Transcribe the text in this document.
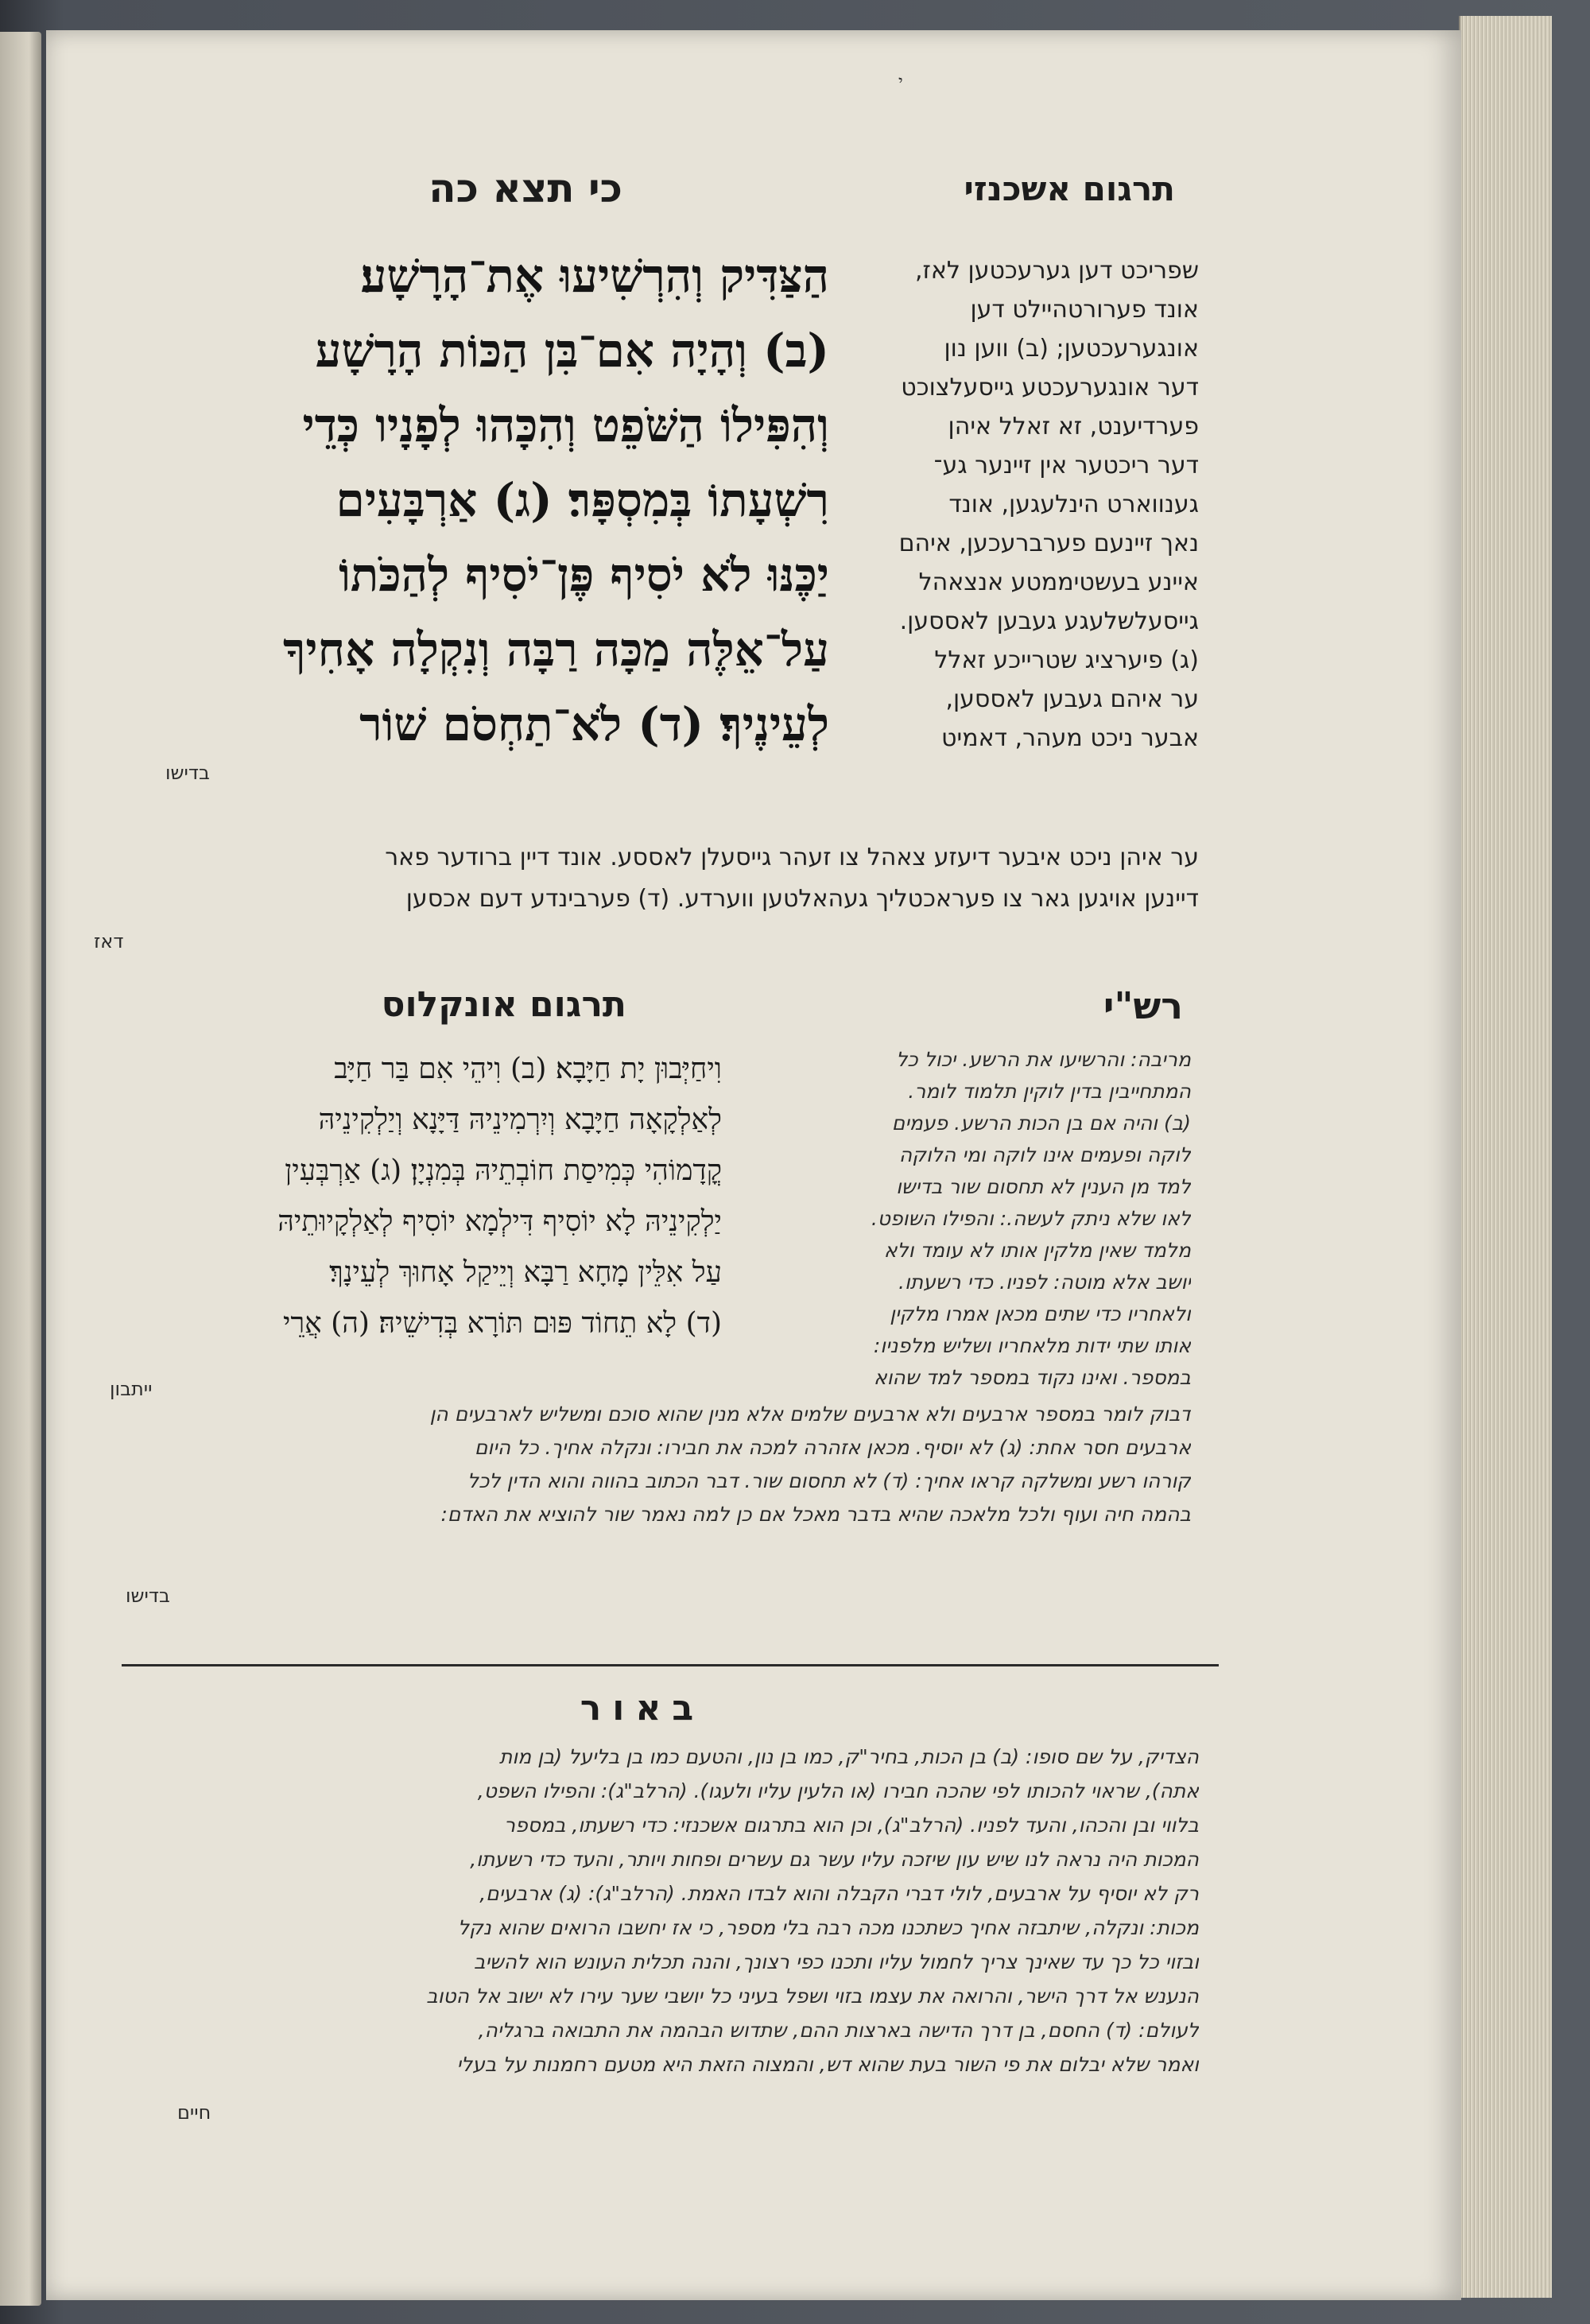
י
כי תצא כה	תרגום אשכנזי
הַצַּדִּיק וְהִרְשִׁיעוּ אֶת־הָרָשָׁע׃
(ב) וְהָיָה אִם־בִּן הַכּוֹת הָרָשָׁע
וְהִפִּילוֹ הַשֹּׁפֵט וְהִכָּהוּ לְפָנָיו כְּדֵי
רִשְׁעָתוֹ בְּמִסְפָּר׃ (ג) אַרְבָּעִים
יַכֶּנּוּ לֹא יֹסִיף פֶּן־יֹסִיף לְהַכֹּתוֹ
עַל־אֵלֶּה מַכָּה רַבָּה וְנִקְלָה אָחִיךָ
לְעֵינֶיךָ׃ (ד) לֹא־תַחְסֹם שׁוֹר
בדישו
שפריכט דען גערעכטען לאז,
אונד פערורטהיילט דען
אונגערעכטען; (ב) ווען נון
דער אונגערעכטע גייסעלצוכט
פערדיענט, זא זאלל איהן
דער ריכטער אין זיינער גע־
גענווארט הינלעגען, אונד
נאך זיינעם פערברעכען, איהם
איינע בעשטיממטע אנצאהל
גייסעלשלעגע געבען לאססען.
(ג) פיערציג שטרייכע זאלל
ער איהם געבען לאססען,
אבער ניכט מעהר, דאמיט
ער איהן ניכט איבער דיעזע צאהל צו זעהר גייסעלן לאססע. אונד דיין ברודער פאר
דיינען אויגען גאר צו פעראכטליך געהאלטען ווערדע. (ד) פערבינדע דעם אכסען
דאז
תרגום אונקלוס	רש"י
וִיחַיְּבוּן יָת חַיָּבָא׃ (ב) וִיהֵי אִם בַּר חַיָּב
לְאַלְקָאָה חַיָּבָא וְיִרְמִינֵיהּ דַּיָּנָא וְיַלְקִינֵיהּ
קֳדָמוֹהִי כְּמִיסַת חוֹבְתֵיהּ בְּמִנְיָן׃ (ג) אַרְבְּעִין
יַלְקִינֵיהּ לָא יוֹסִיף דִּילְמָא יוֹסִיף לְאַלְקָיוּתֵיהּ
עַל אִלֵּין מָחָא רַבָּא וְיֵיקַל אָחוּךְ לְעֵינָךְ׃
(ד) לָא תֵחוֹד פּוּם תּוֹרָא בְּדִישֵׁיהּ׃ (ה) אֲרֵי
ייתבון
מריבה: והרשיעו את הרשע. יכול כל
המתחייבין בדין לוקין תלמוד לומר.
(ב) והיה אם בן הכות הרשע. פעמים
לוקה ופעמים אינו לוקה ומי הלוקה
למד מן הענין לא תחסום שור בדישו
לאו שלא ניתק לעשה.: והפילו השופט.
מלמד שאין מלקין אותו לא עומד ולא
יושב אלא מוטה: לפניו. כדי רשעתו.
ולאחריו כדי שתים מכאן אמרו מלקין
אותו שתי ידות מלאחריו ושליש מלפניו:
במספר. ואינו נקוד במספר למד שהוא
דבוק לומר במספר ארבעים ולא ארבעים שלמים אלא מנין שהוא סוכם ומשליש לארבעים הן
ארבעים חסר אחת: (ג) לא יוסיף. מכאן אזהרה למכה את חבירו: ונקלה אחיך. כל היום
קורהו רשע ומשלקה קראו אחיך: (ד) לא תחסום שור. דבר הכתוב בהווה והוא הדין לכל
בהמה חיה ועוף ולכל מלאכה שהיא בדבר מאכל אם כן למה נאמר שור להוציא את האדם:
בדישו
באור
הצדיק, על שם סופו: (ב) בן הכות, בחיר"ק, כמו בן נון, והטעם כמו בן בליעל (בן מות
אתה), שראוי להכותו לפי שהכה חבירו (או הלעין עליו ולעגו). (הרלב"ג): והפילו השפט,
בלווי ובן והכהו, והעד לפניו. (הרלב"ג), וכן הוא בתרגום אשכנזי: כדי רשעתו, במספר
המכות היה נראה לנו שיש עון שיזכה עליו עשר גם עשרים ופחות ויותר, והעד כדי רשעתו,
רק לא יוסיף על ארבעים, לולי דברי הקבלה והוא לבדו האמת. (הרלב"ג): (ג) ארבעים,
מכות: ונקלה, שיתבזה אחיך כשתכנו מכה רבה בלי מספר, כי אז יחשבו הרואים שהוא נקל
ובזוי כל כך עד שאינך צריך לחמול עליו ותכנו כפי רצונך, והנה תכלית העונש הוא להשיב
הנענש אל דרך הישר, והרואה את עצמו בזוי ושפל בעיני כל יושבי שער עירו לא ישוב אל הטוב
לעולם: (ד) החסם, בן דרך הדישה בארצות ההם, שתדוש הבהמה את התבואה ברגליה,
ואמר שלא יבלום את פי השור בעת שהוא דש, והמצוה הזאת היא מטעם רחמנות על בעלי
חיים
